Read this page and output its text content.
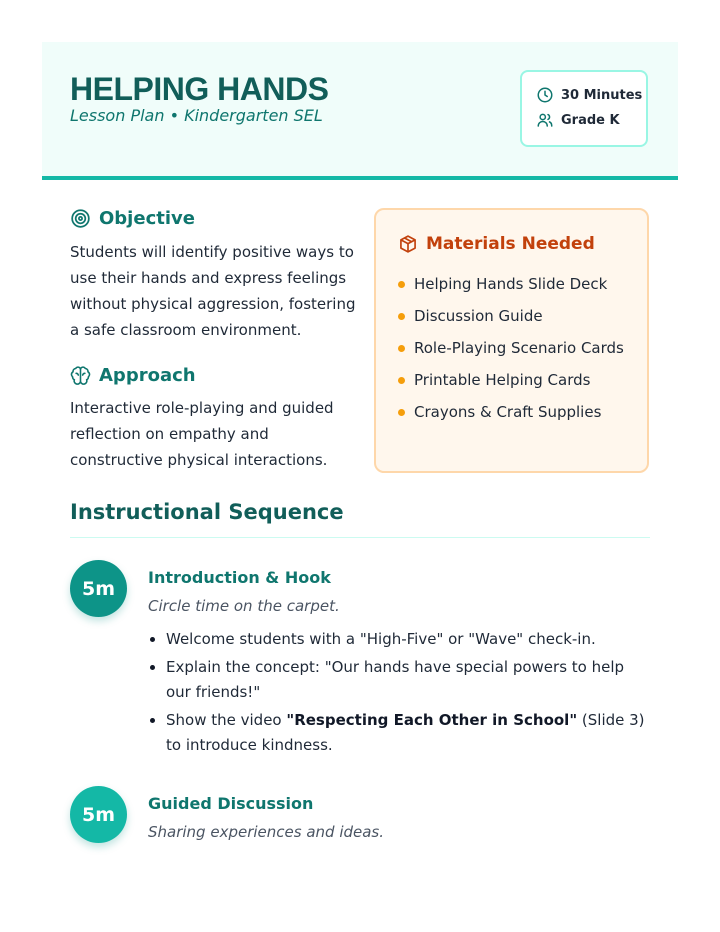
HELPING HANDS
Lesson Plan • Kindergarten SEL
30 Minutes
Grade K
Objective

Students will identify positive ways to use their hands and express feelings without physical aggression, fostering a safe classroom environment.

Approach

Interactive role-playing and guided reflection on empathy and constructive physical interactions.

Materials Needed
Helping Hands Slide Deck
Discussion Guide
Role-Playing Scenario Cards
Printable Helping Cards
Crayons & Craft Supplies
Instructional Sequence
5m	Introduction & Hook
Circle time on the carpet.
Welcome students with a "High-Five" or "Wave" check-in.
Explain the concept: "Our hands have special powers to help our friends!"
Show the video "Respecting Each Other in School" (Slide 3) to introduce kindness.
5m	Guided Discussion
Sharing experiences and ideas.
